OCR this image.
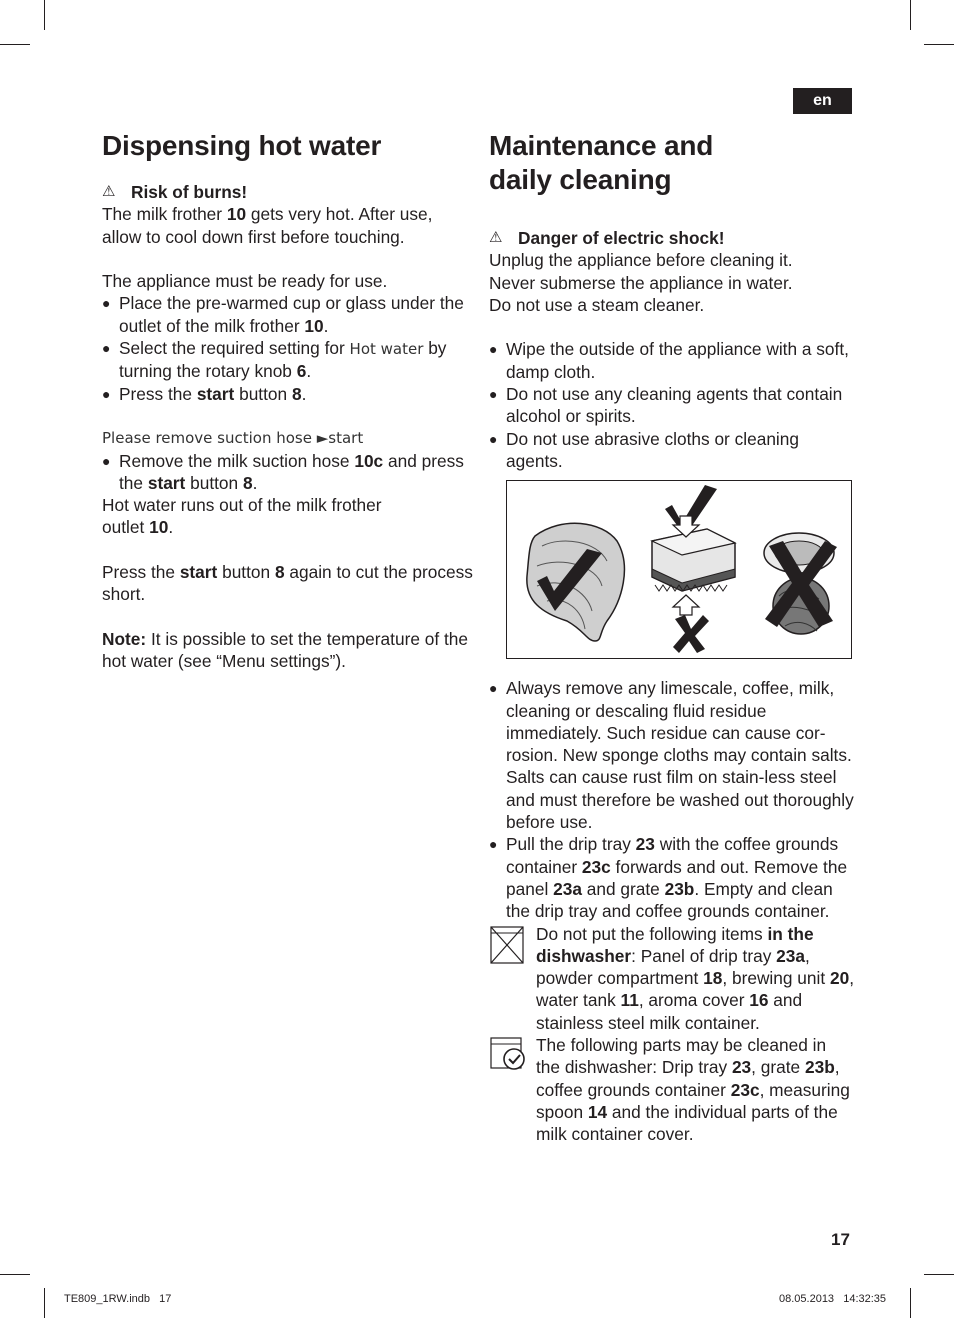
en
Dispensing hot water
⚠ Risk of burns!

The milk frother 10 gets very hot. After use, allow to cool down first before touching.

The appliance must be ready for use.

● Place the pre-warmed cup or glass under the outlet of the milk frother 10.
● Select the required setting for Hot water by turning the rotary knob 6.
● Press the start button 8.

Please remove suction hose ►start

● Remove the milk suction hose 10c and press the start button 8.

Hot water runs out of the milk frother outlet 10.

Press the start button 8 again to cut the process short.

Note: It is possible to set the temperature of the hot water (see “Menu settings”).

Maintenance and
daily cleaning
⚠ Danger of electric shock!

Unplug the appliance before cleaning it.

Never submerse the appliance in water.

Do not use a steam cleaner.

● Wipe the outside of the appliance with a soft, damp cloth.
● Do not use any cleaning agents that contain alcohol or spirits.
● Do not use abrasive cloths or cleaning agents.
● Always remove any limescale, coffee, milk, cleaning or descaling fluid residue immediately. Such residue can cause cor-rosion. New sponge cloths may contain salts. Salts can cause rust film on stain-less steel and must therefore be washed out thoroughly before use.
● Pull the drip tray 23 with the coffee grounds container 23c forwards and out. Remove the panel 23a and grate 23b. Empty and clean the drip tray and coffee grounds container.
Do not put the following items in the dishwasher: Panel of drip tray 23a, powder compartment 18, brewing unit 20, water tank 11, aroma cover 16 and stainless steel milk container.
The following parts may be cleaned in the dishwasher: Drip tray 23, grate 23b, coffee grounds container 23c, measuring spoon 14 and the individual parts of the milk container cover.
17
TE809_1RW.indb   17	08.05.2013   14:32:35
